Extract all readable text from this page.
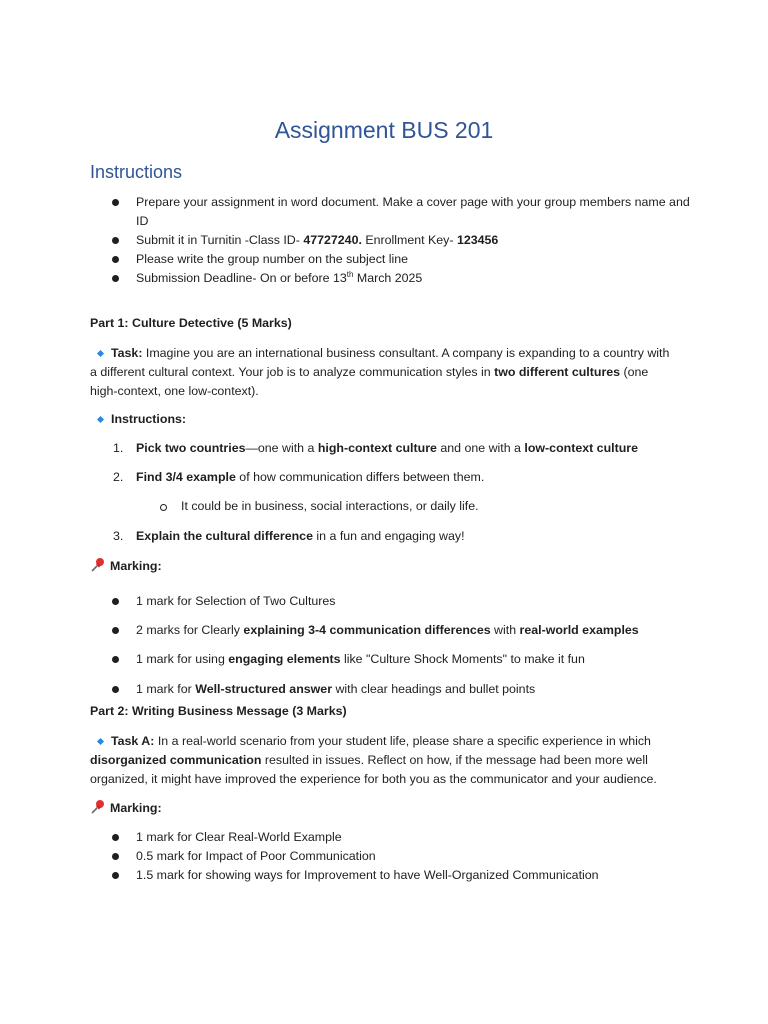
Assignment BUS 201
Instructions
Prepare your assignment in word document. Make a cover page with your group members name and ID
Submit it in Turnitin -Class ID- 47727240. Enrollment Key- 123456
Please write the group number on the subject line
Submission Deadline- On or before 13th March 2025
Part 1: Culture Detective (5 Marks)
Task: Imagine you are an international business consultant. A company is expanding to a country with a different cultural context. Your job is to analyze communication styles in two different cultures (one high-context, one low-context).
Instructions:
1. Pick two countries—one with a high-context culture and one with a low-context culture
2. Find 3/4 example of how communication differs between them.
It could be in business, social interactions, or daily life.
3. Explain the cultural difference in a fun and engaging way!
Marking:
1 mark for Selection of Two Cultures
2 marks for Clearly explaining 3-4 communication differences with real-world examples
1 mark for using engaging elements like "Culture Shock Moments" to make it fun
1 mark for Well-structured answer with clear headings and bullet points
Part 2: Writing Business Message (3 Marks)
Task A: In a real-world scenario from your student life, please share a specific experience in which disorganized communication resulted in issues. Reflect on how, if the message had been more well organized, it might have improved the experience for both you as the communicator and your audience.
Marking:
1 mark for Clear Real-World Example
0.5 mark for Impact of Poor Communication
1.5 mark for showing ways for Improvement to have Well-Organized Communication
